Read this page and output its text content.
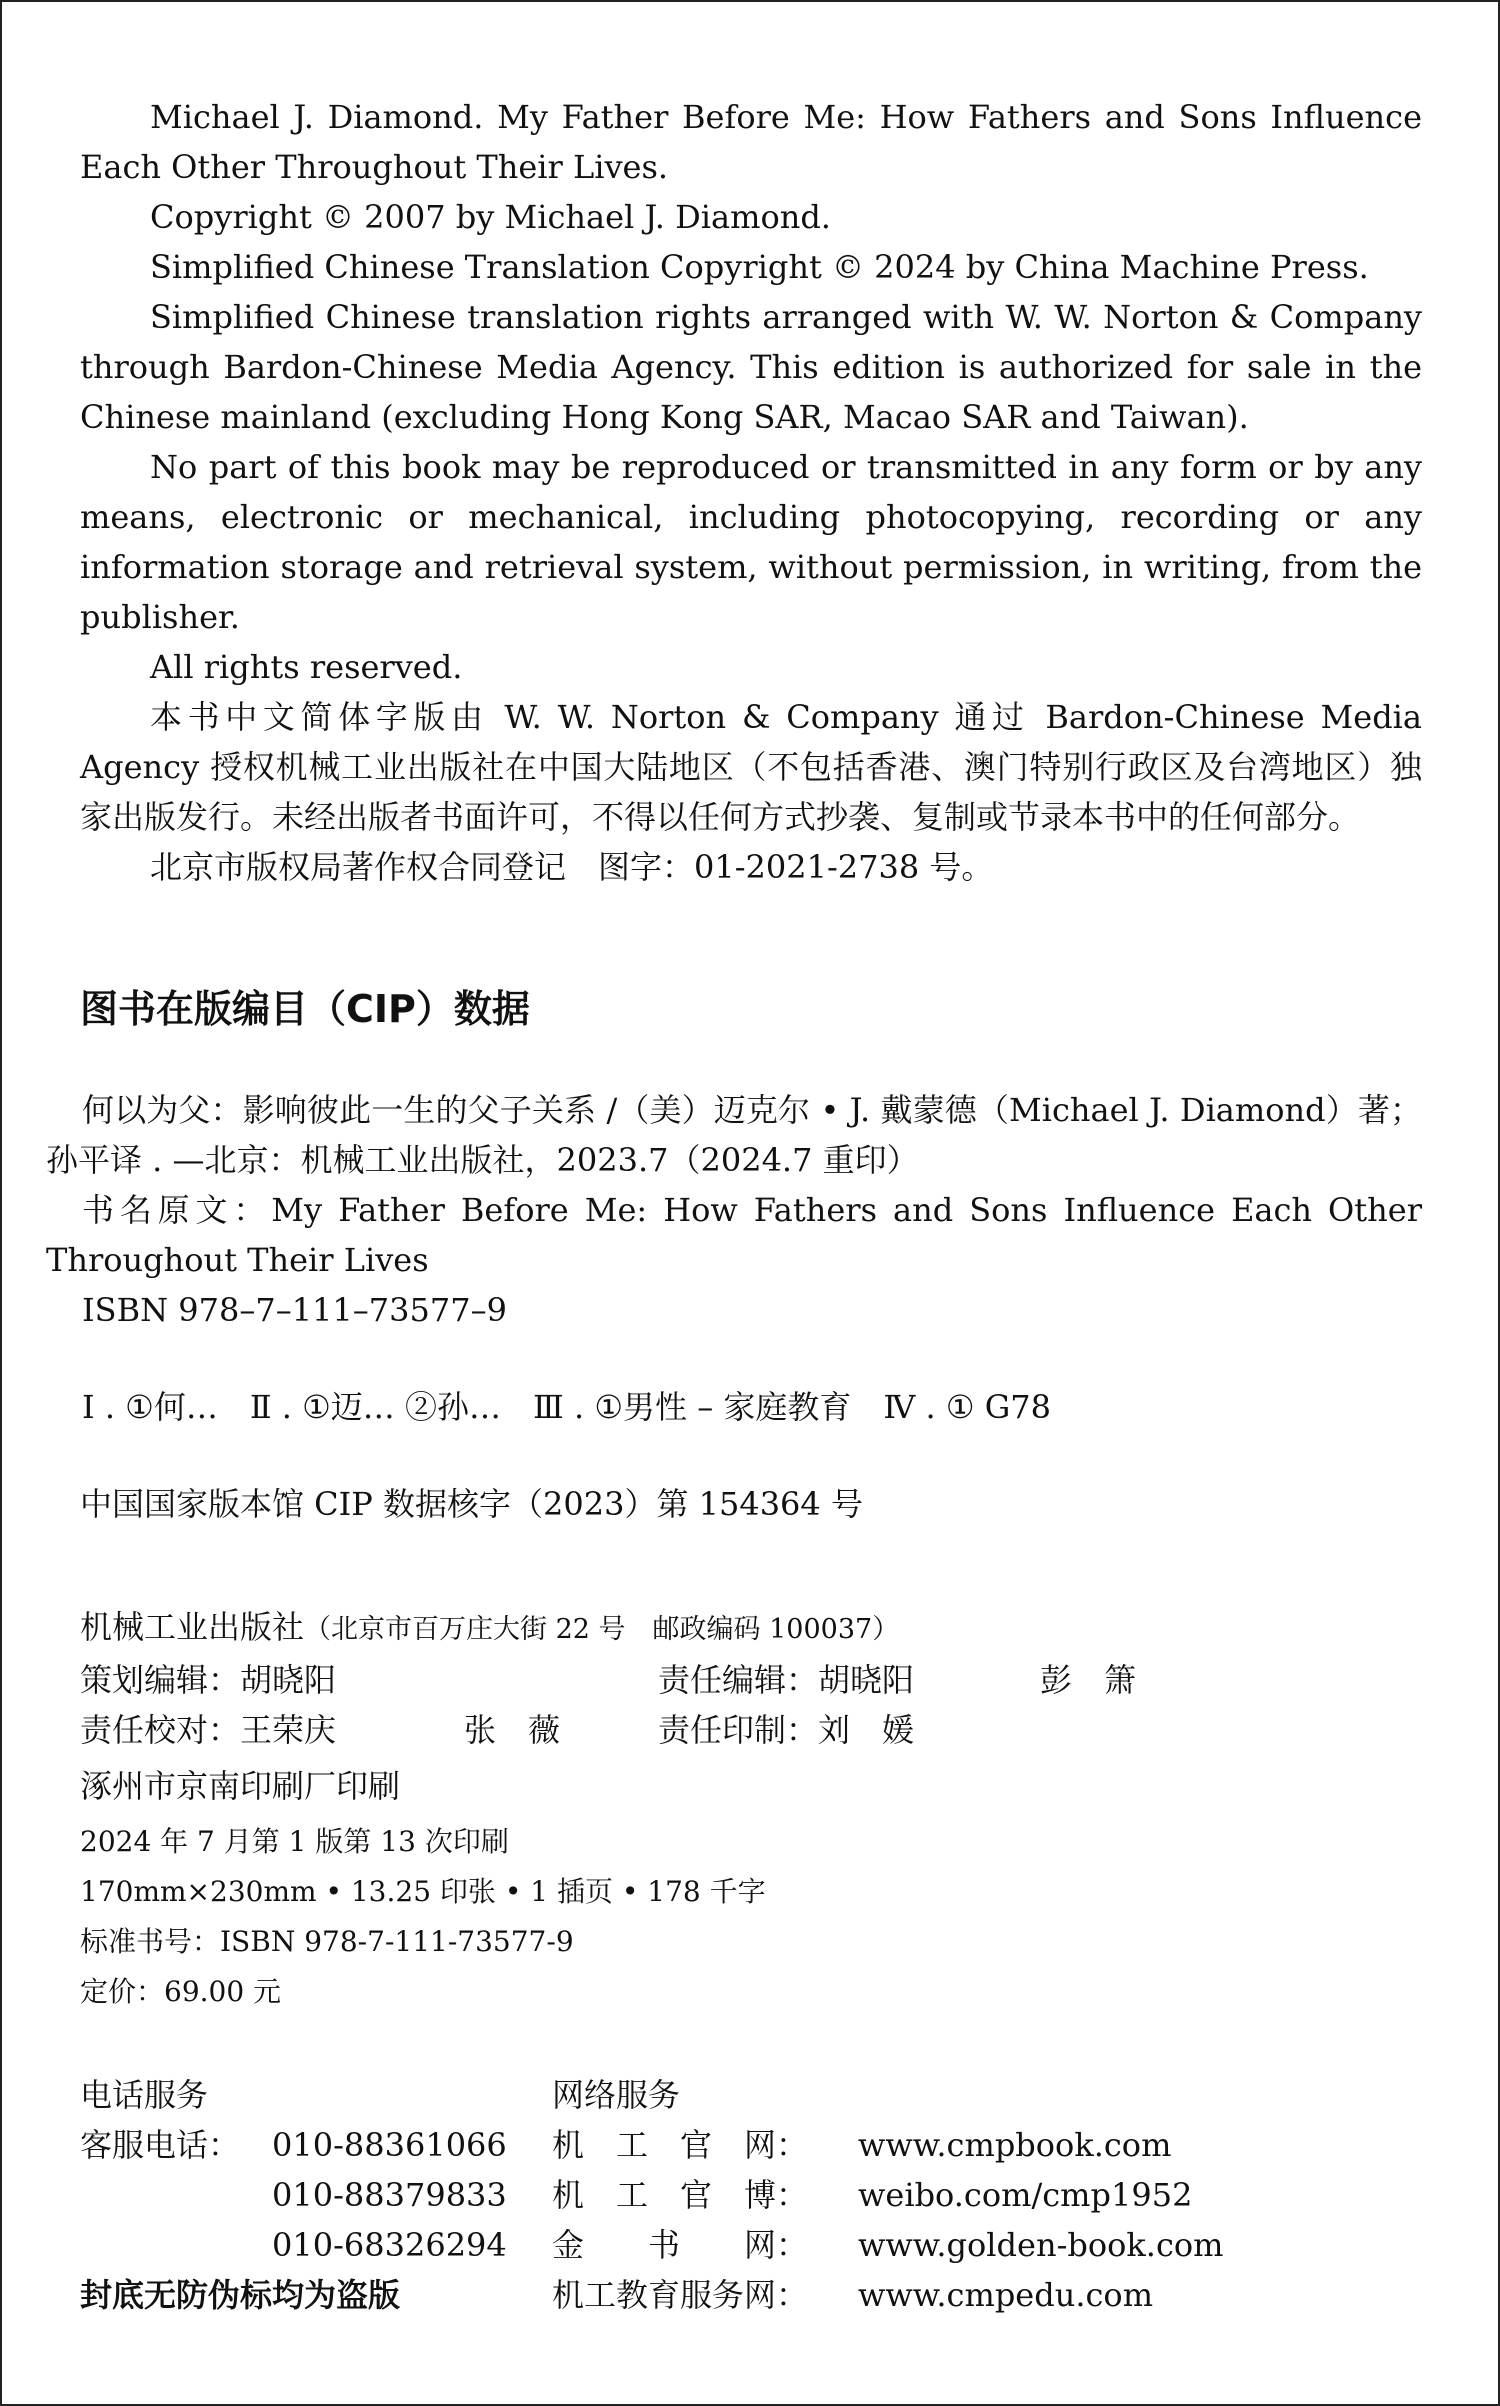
Michael J. Diamond. My Father Before Me: How Fathers and Sons Influence Each Other Throughout Their Lives.

Copyright © 2007 by Michael J. Diamond.

Simplified Chinese Translation Copyright © 2024 by China Machine Press.

Simplified Chinese translation rights arranged with W. W. Norton & Company through Bardon-Chinese Media Agency. This edition is authorized for sale in the Chinese mainland (excluding Hong Kong SAR, Macao SAR and Taiwan).

No part of this book may be reproduced or transmitted in any form or by any means, electronic or mechanical, including photocopying, recording or any information storage and retrieval system, without permission, in writing, from the publisher.

All rights reserved.

本书中文简体字版由 W. W. Norton & Company 通过 Bardon-Chinese Media Agency 授权机械工业出版社在中国大陆地区（不包括香港、澳门特别行政区及台湾地区）独家出版发行。未经出版者书面许可，不得以任何方式抄袭、复制或节录本书中的任何部分。

北京市版权局著作权合同登记　图字：01-2021-2738 号。

图书在版编目（CIP）数据

何以为父：影响彼此一生的父子关系 /（美）迈克尔 • J. 戴蒙德（Michael J. Diamond）著；孙平译 . —北京：机械工业出版社，2023.7（2024.7 重印）

书名原文：My Father Before Me: How Fathers and Sons Influence Each Other Throughout Their Lives

ISBN 978–7–111–73577–9

Ⅰ . ①何…　Ⅱ . ①迈… ②孙…　Ⅲ . ①男性 – 家庭教育　Ⅳ . ① G78

中国国家版本馆 CIP 数据核字（2023）第 154364 号

机械工业出版社（北京市百万庄大街 22 号　邮政编码 100037）

策划编辑：胡晓阳	责任编辑：胡晓阳	彭　箫
责任校对：王荣庆	张　薇	责任印制：刘　媛

涿州市京南印刷厂印刷

2024 年 7 月第 1 版第 13 次印刷

170mm×230mm • 13.25 印张 • 1 插页 • 178 千字

标准书号：ISBN 978-7-111-73577-9

定价：69.00 元

电话服务	网络服务
客服电话： 010-88361066 机　工　官　网： www.cmpbook.com
010-88379833 机　工　官　博： weibo.com/cmp1952
010-68326294 金　　书　　网： www.golden-book.com
封底无防伪标均为盗版	机工教育服务网： www.cmpedu.com
